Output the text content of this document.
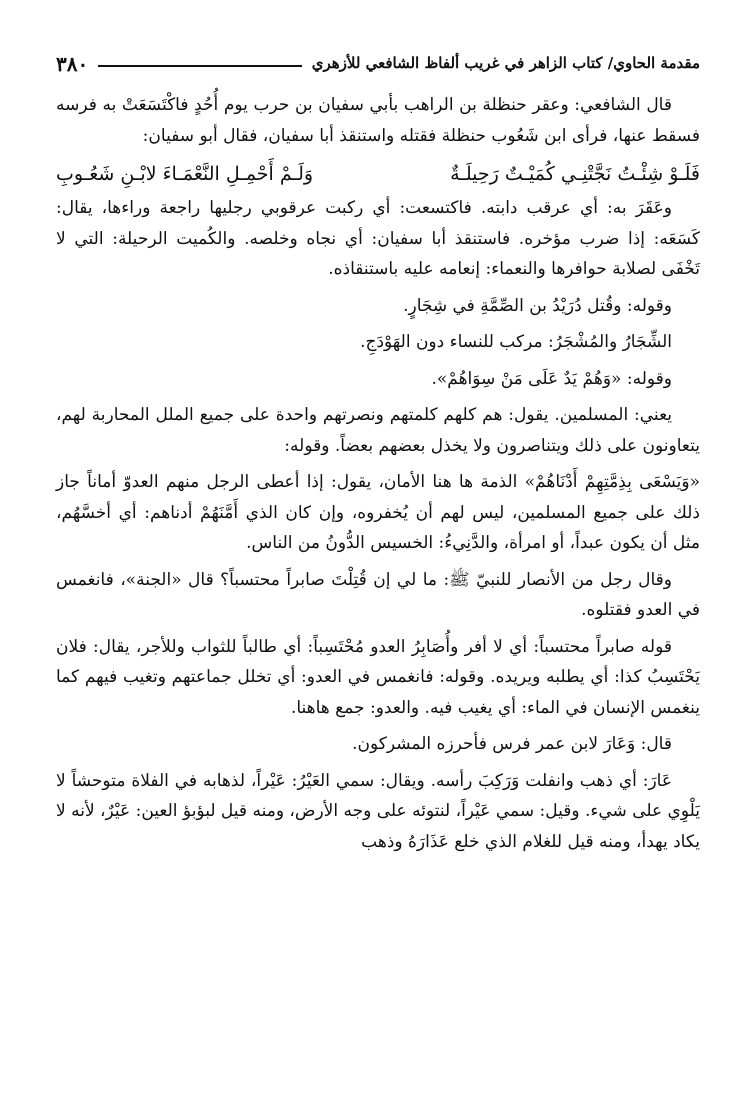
مقدمة الحاوي/ كتاب الزاهر في غريب ألفاظ الشافعي للأزهري
٣٨٠

قال الشافعي: وعقر حنظلة بن الراهب بأبي سفيان بن حرب يوم أُحُدٍ فاكْتَسَعَتْ به فرسه فسقط عنها، فرأى ابن شَعُوب حنظلة فقتله واستنقذ أبا سفيان، فقال أبو سفيان:

فَلَـوْ شِئْـتُ نَجَّتْنِـي كُمَيْـتٌ رَحِيلَـةٌ
وَلَـمْ أَحْمِـلِ النَّعْمَـاءَ لابْـنِ شَعُـوبِ

وعَقَرَ به: أي عرقب دابته. فاكتسعت: أي ركبت عرقوبي رجليها راجعة وراءها، يقال: كَسَعَه: إذا ضرب مؤخره. فاستنقذ أبا سفيان: أي نجاه وخلصه. والكُميت الرحيلة: التي لا تَخْفَى لصلابة حوافرها والنعماء: إنعامه عليه باستنقاذه.

وقوله: وقُتل دُرَيْدُ بن الصِّمَّةِ في شِجَارٍ.

الشِّجَارُ والمُشْجَرُ: مركب للنساء دون الهَوْدَجِ.

وقوله: «وَهُمْ يَدٌ عَلَى مَنْ سِوَاهُمْ».

يعني: المسلمين. يقول: هم كلهم كلمتهم ونصرتهم واحدة على جميع الملل المحاربة لهم، يتعاونون على ذلك ويتناصرون ولا يخذل بعضهم بعضاً. وقوله:

«وَيَسْعَى بِذِمَّتِهِمْ أَدْنَاهُمْ» الذمة ها هنا الأمان، يقول: إذا أعطى الرجل منهم العدوّ أماناً جاز ذلك على جميع المسلمين، ليس لهم أن يُخفروه، وإن كان الذي أَمَّنَهُمْ أدناهم: أي أخسَّهُم، مثل أن يكون عبداً، أو امرأة، والدَّنِيءُ: الخسيس الدُّونُ من الناس.

وقال رجل من الأنصار للنبيّ ﷺ: ما لي إن قُتِلْتَ صابراً محتسباً؟ قال «الجنة»، فانغمس في العدو فقتلوه.

قوله صابراً محتسباً: أي لا أفر وأُصَابِرُ العدو مُحْتَسِباً: أي طالباً للثواب وللأجر، يقال: فلان يَحْتَسِبُ كذا: أي يطلبه ويريده. وقوله: فانغمس في العدو: أي تخلل جماعتهم وتغيب فيهم كما ينغمس الإنسان في الماء: أي يغيب فيه. والعدو: جمع هاهنا.

قال: وَعَارَ لابن عمر فرس فأحرزه المشركون.

عَارَ: أي ذهب وانفلت وَرَكِبَ رأسه. ويقال: سمي العَيْرُ: عَيْراً، لذهابه في الفلاة متوحشاً لا يَلْوِي على شيء. وقيل: سمي عَيْراً، لنتوئه على وجه الأرض، ومنه قيل لبؤبؤ العين: عَيْرٌ، لأنه لا يكاد يهدأ، ومنه قيل للغلام الذي خلع عَذَارَهُ وذهب
